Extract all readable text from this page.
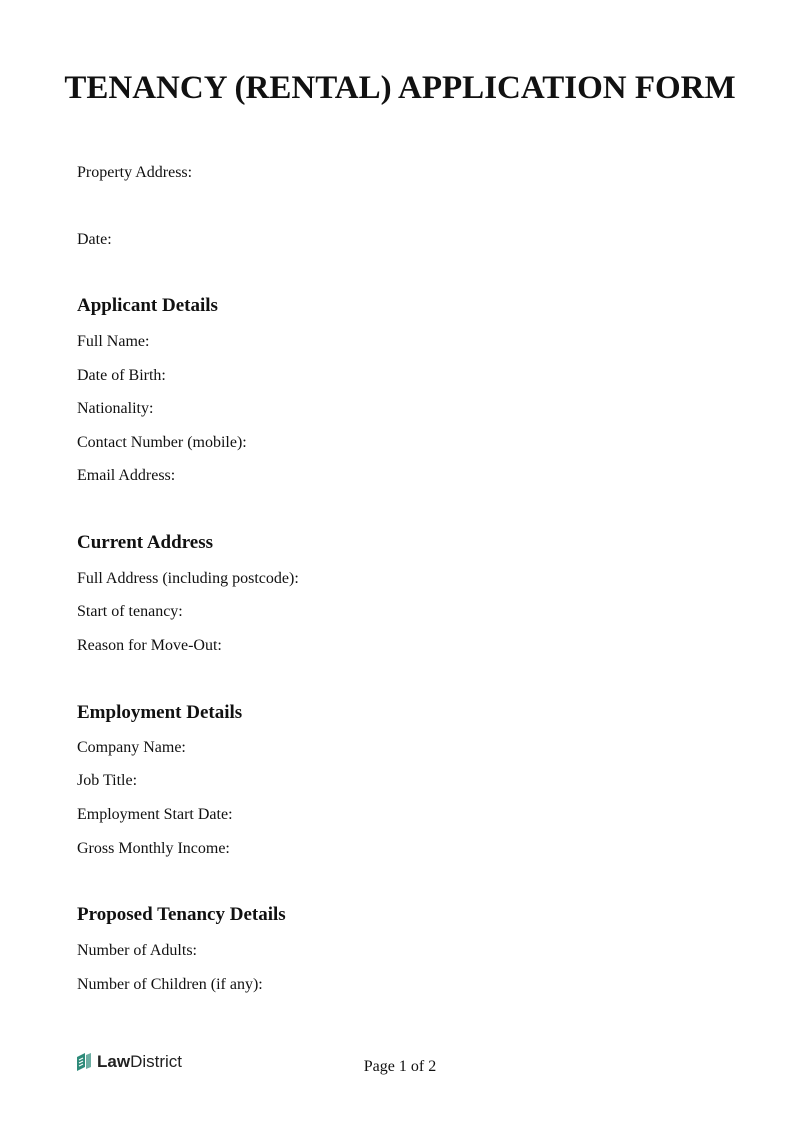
TENANCY (RENTAL) APPLICATION FORM
Property Address:
Date:
Applicant Details
Full Name:
Date of Birth:
Nationality:
Contact Number (mobile):
Email Address:
Current Address
Full Address (including postcode):
Start of tenancy:
Reason for Move-Out:
Employment Details
Company Name:
Job Title:
Employment Start Date:
Gross Monthly Income:
Proposed Tenancy Details
Number of Adults:
Number of Children (if any):
LawDistrict	Page 1 of 2
